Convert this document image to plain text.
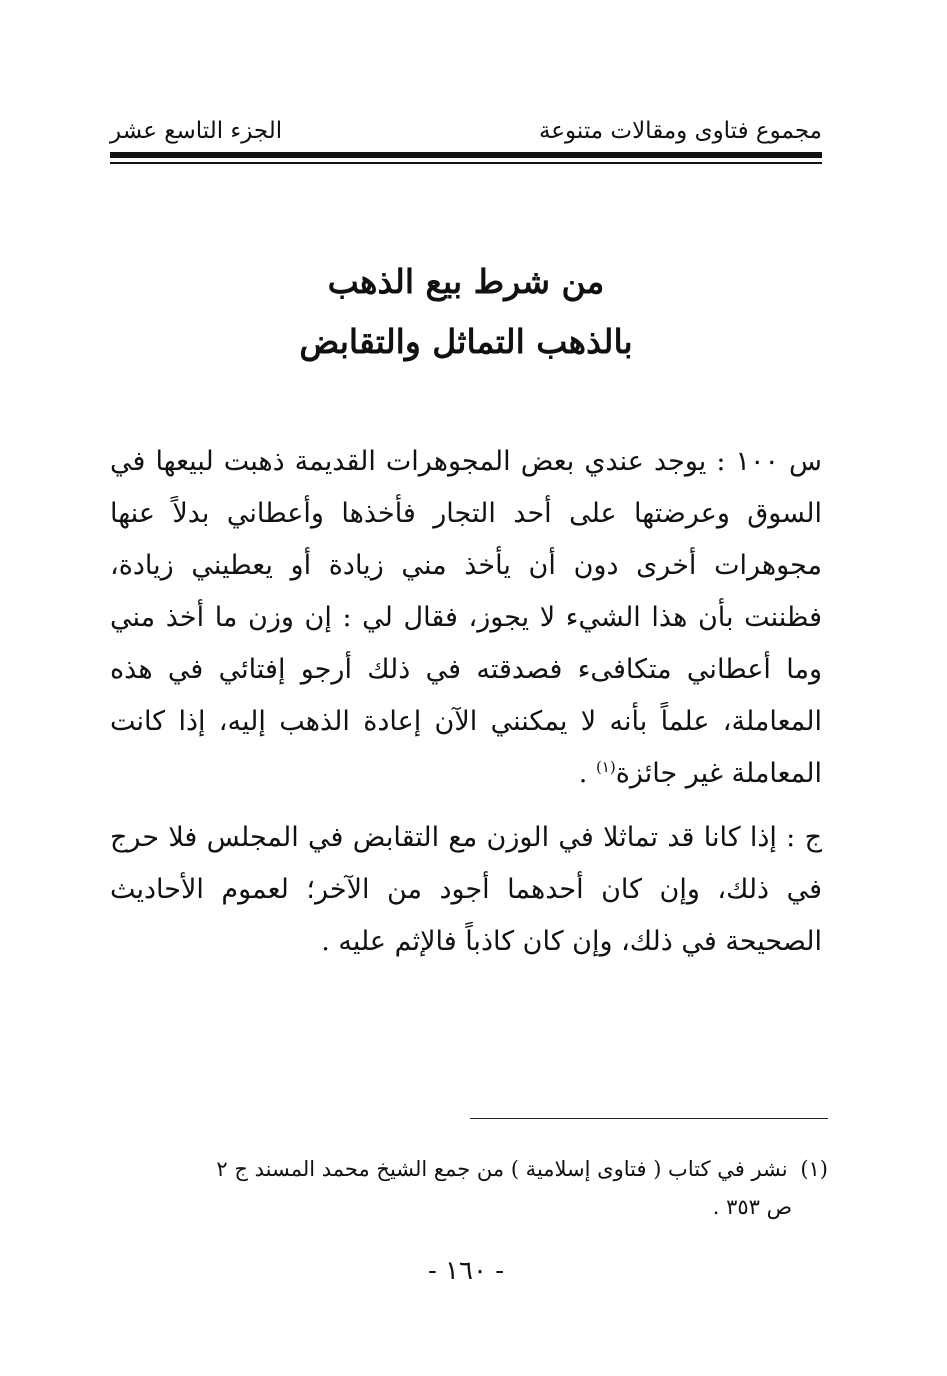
مجموع فتاوى ومقالات متنوعة
الجزء التاسع عشر
من شرط بيع الذهب
بالذهب التماثل والتقابض

س ١٠٠ : يوجد عندي بعض المجوهرات القديمة ذهبت لبيعها في السوق وعرضتها على أحد التجار فأخذها وأعطاني بدلاً عنها مجوهرات أخرى دون أن يأخذ مني زيادة أو يعطيني زيادة، فظننت بأن هذا الشيء لا يجوز، فقال لي : إن وزن ما أخذ مني وما أعطاني متكافىء فصدقته في ذلك أرجو إفتائي في هذه المعاملة، علماً بأنه لا يمكنني الآن إعادة الذهب إليه، إذا كانت المعاملة غير جائزة$^{(١)}$ .

ج : إذا كانا قد تماثلا في الوزن مع التقابض في المجلس فلا حرج في ذلك، وإن كان أحدهما أجود من الآخر؛ لعموم الأحاديث الصحيحة في ذلك، وإن كان كاذباً فالإثم عليه .

(١) نشر في كتاب ( فتاوى إسلامية ) من جمع الشيخ محمد المسند ج ٢
ص ٣٥٣ .
- ١٦٠ -
